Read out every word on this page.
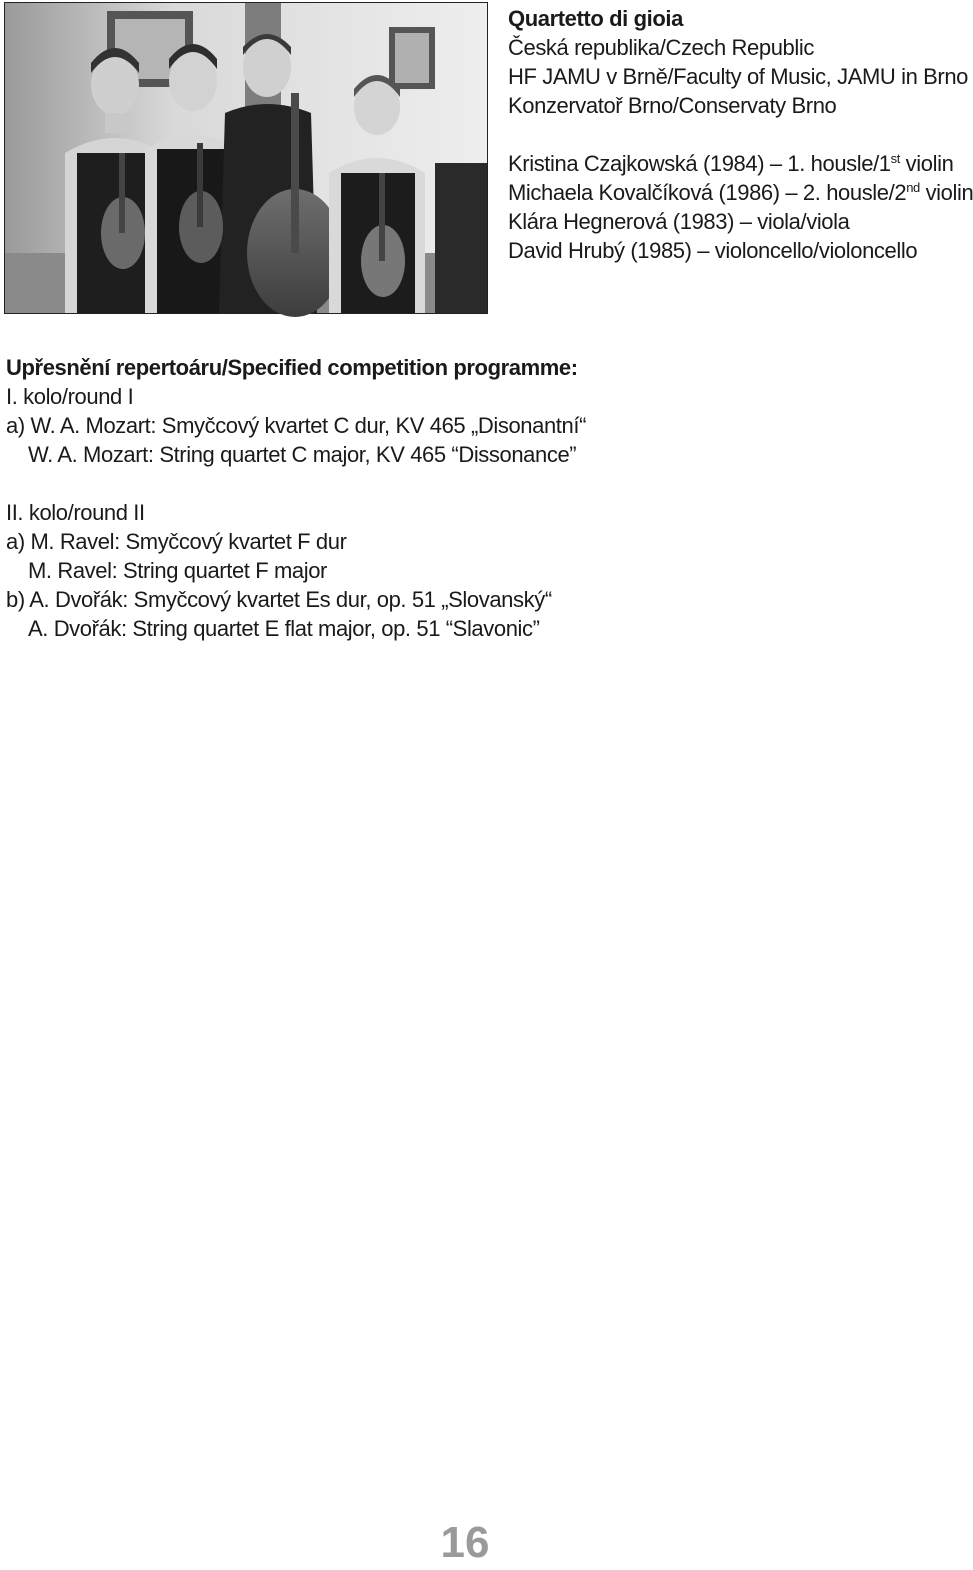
Quartetto di gioia
Česká republika/Czech Republic
HF JAMU v Brně/Faculty of Music, JAMU in Brno
Konzervatoř Brno/Conservaty Brno
Kristina Czajkowská (1984) – 1. housle/1st violin
Michaela Kovalčíková (1986) – 2. housle/2nd violin
Klára Hegnerová (1983) – viola/viola
David Hrubý (1985) – violoncello/violoncello
Upřesnění repertoáru/Specified competition programme:
I. kolo/round I
a) W. A. Mozart: Smyčcový kvartet C dur, KV 465 „Disonantní“
W. A. Mozart: String quartet C major, KV 465 “Dissonance”
II. kolo/round II
a) M. Ravel: Smyčcový kvartet F dur
M. Ravel: String quartet F major
b) A. Dvořák: Smyčcový kvartet Es dur, op. 51 „Slovanský“
A. Dvořák: String quartet E flat major, op. 51 “Slavonic”
16
